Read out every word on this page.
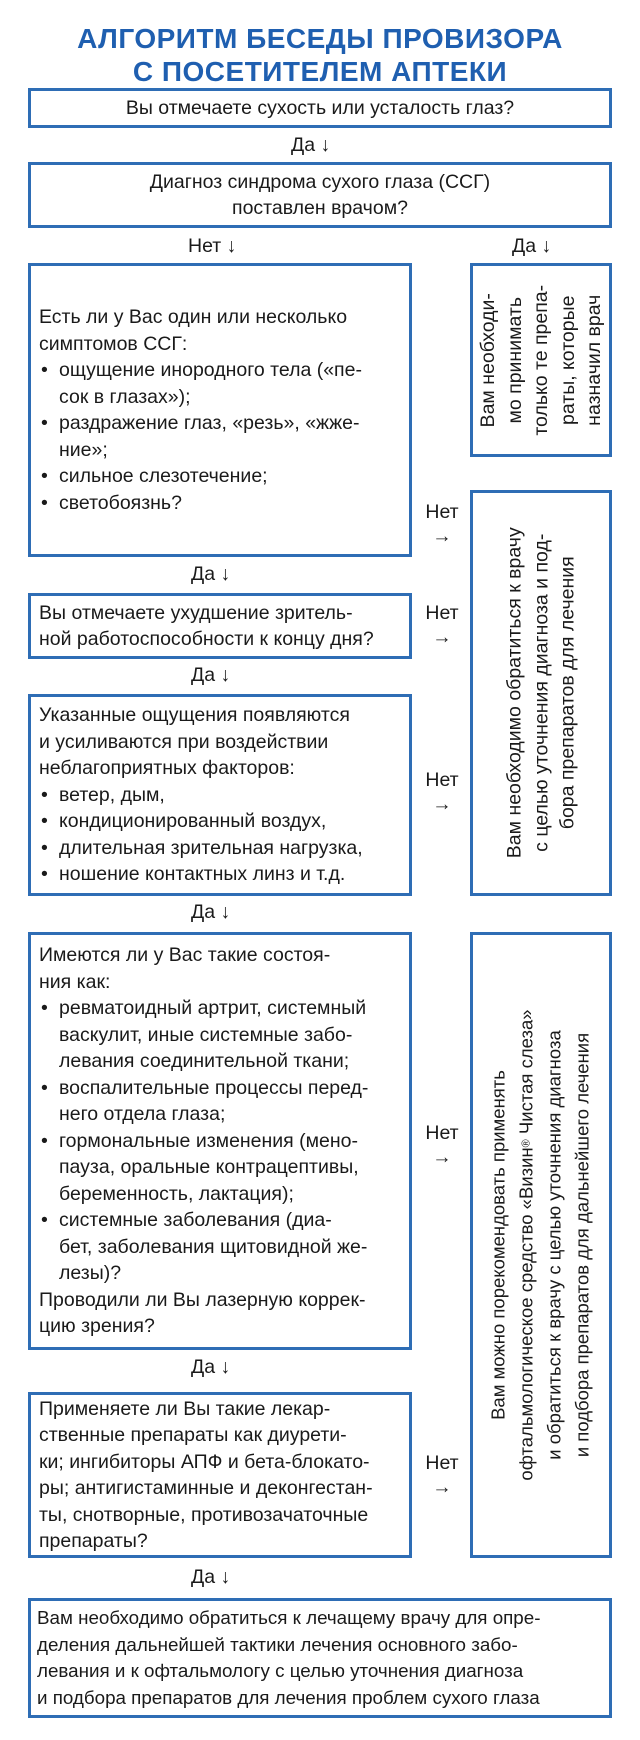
АЛГОРИТМ БЕСЕДЫ ПРОВИЗОРА
С ПОСЕТИТЕЛЕМ АПТЕКИ
Вы отмечаете сухость или усталость глаз?
Да ↓
Диагноз синдрома сухого глаза (ССГ)
поставлен врачом?
Нет ↓	Да ↓

Есть ли у Вас один или несколько
симптомов ССГ:

• ощущение инородного тела («пе-
сок в глазах»);
• раздражение глаз, «резь», «жже-
ние»;
• сильное слезотечение;
• светобоязнь?
Вам необходи- мо принимать только те препа- раты, которые назначил врач
Нет
→
Да ↓	Вам необходимо обратиться к врачу с целью уточнения диагноза и под- бора препаратов для лечения
Вы отмечаете ухудшение зритель-
ной работоспособности к концу дня?
Нет
→
Да ↓

Указанные ощущения появляются
и усиливаются при воздействии
неблагоприятных факторов:

• ветер, дым,
• кондиционированный воздух,
• длительная зрительная нагрузка,
• ношение контактных линз и т.д.
Нет
→
Да ↓

Имеются ли у Вас такие состоя-
ния как:

• ревматоидный артрит, системный
васкулит, иные системные забо-
левания соединительной ткани;
• воспалительные процессы перед-
него отдела глаза;
• гормональные изменения (мено-
пауза, оральные контрацептивы,
беременность, лактация);
• системные заболевания (диа-
бет, заболевания щитовидной же-
лезы)?

Проводили ли Вы лазерную коррек-
цию зрения?

Нет
→
Да ↓	Вам можно порекомендовать применять офтальмологическое средство «Визин® Чистая слеза» и обратиться к врачу с целью уточнения диагноза и подбора препаратов для дальнейшего лечения
Применяете ли Вы такие лекар-
ственные препараты как диурети-
ки; ингибиторы АПФ и бета-блокато-
ры; антигистаминные и деконгестан-
ты, снотворные, противозачаточные
препараты?
Нет
→
Да ↓
Вам необходимо обратиться к лечащему врачу для опре-
деления дальнейшей тактики лечения основного забо-
левания и к офтальмологу с целью уточнения диагноза
и подбора препаратов для лечения проблем сухого глаза
